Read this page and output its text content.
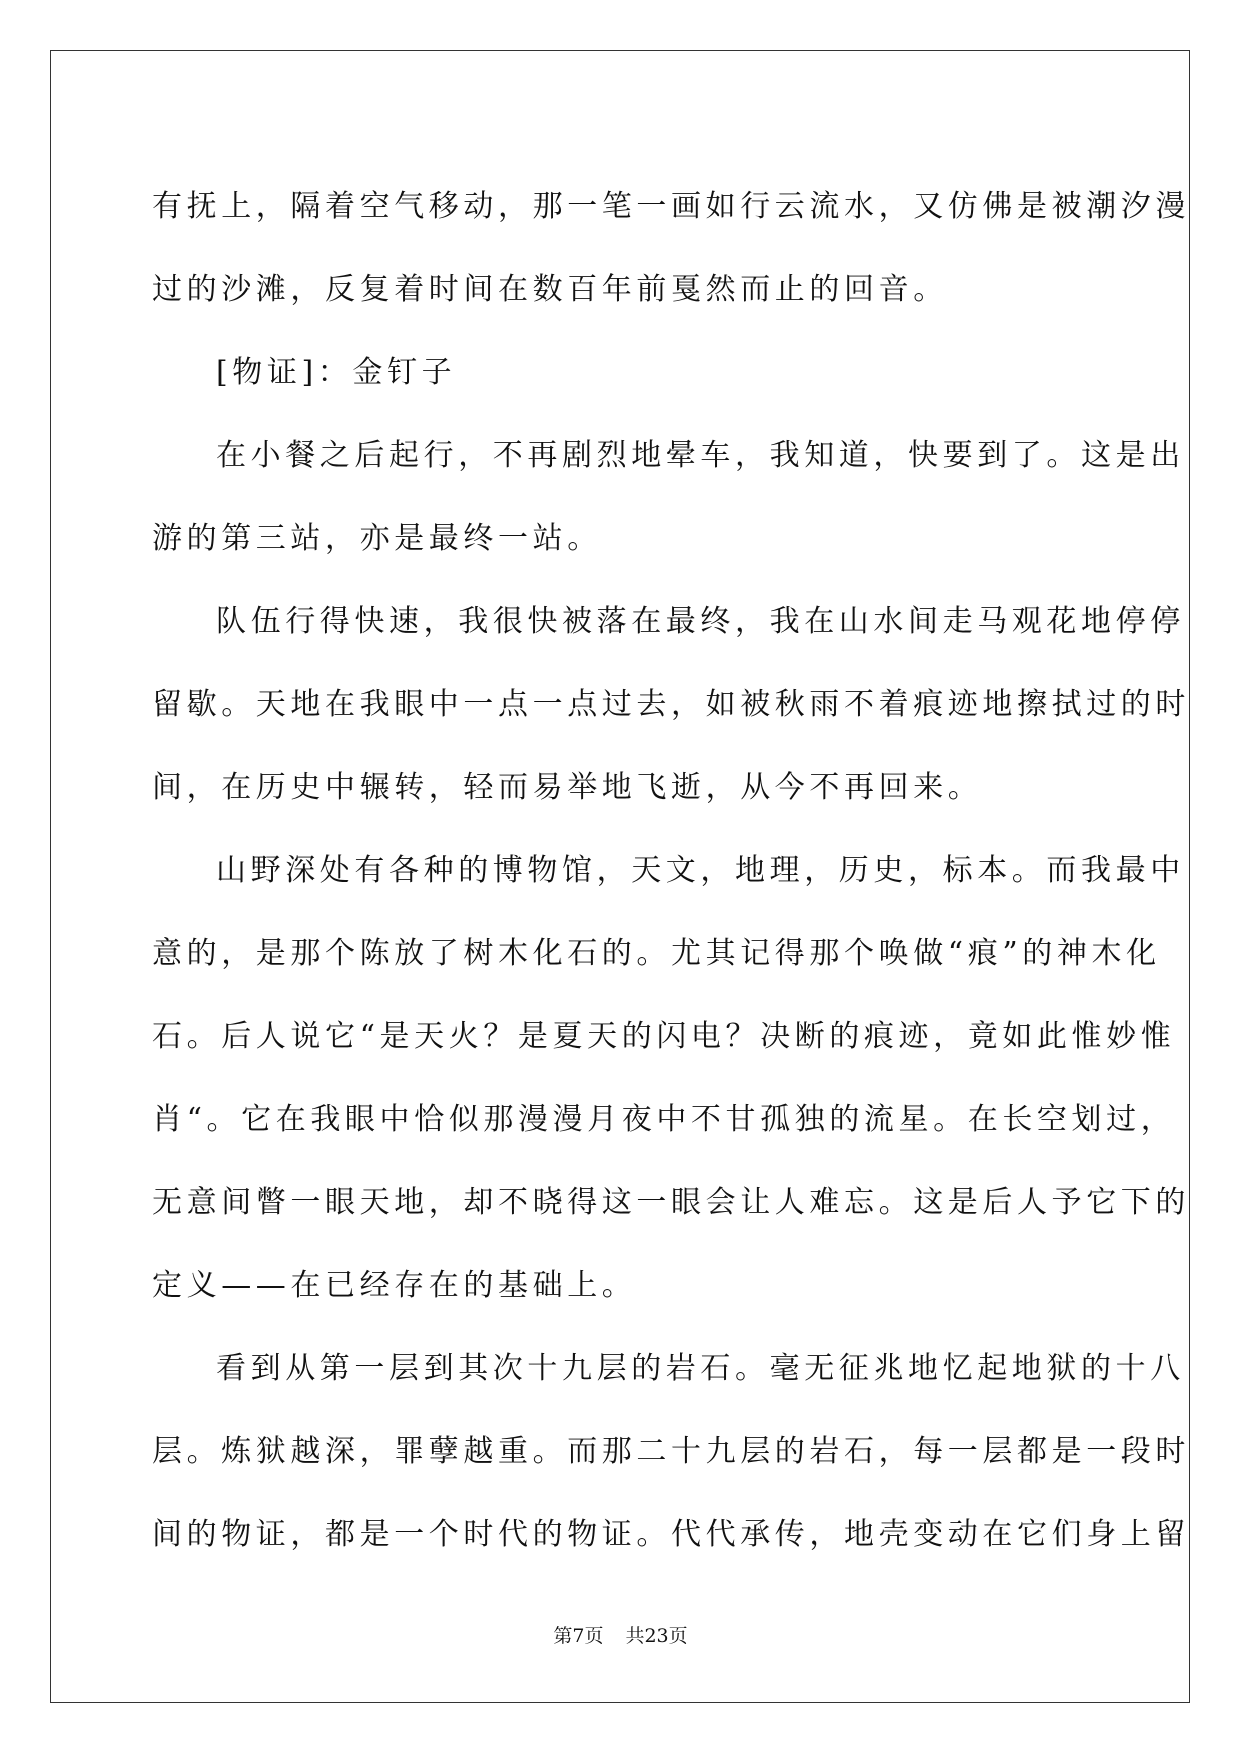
有抚上，隔着空气移动，那一笔一画如行云流水，又仿佛是被潮汐漫
过的沙滩，反复着时间在数百年前戛然而止的回音。
[物证]：金钉子
在小餐之后起行，不再剧烈地晕车，我知道，快要到了。这是出
游的第三站，亦是最终一站。
队伍行得快速，我很快被落在最终，我在山水间走马观花地停停
留歇。天地在我眼中一点一点过去，如被秋雨不着痕迹地擦拭过的时
间，在历史中辗转，轻而易举地飞逝，从今不再回来。
山野深处有各种的博物馆，天文，地理，历史，标本。而我最中
意的，是那个陈放了树木化石的。尤其记得那个唤做“痕”的神木化
石。后人说它“是天火？是夏天的闪电？决断的痕迹，竟如此惟妙惟
肖“。它在我眼中恰似那漫漫月夜中不甘孤独的流星。在长空划过，
无意间瞥一眼天地，却不晓得这一眼会让人难忘。这是后人予它下的
定义——在已经存在的基础上。
看到从第一层到其次十九层的岩石。毫无征兆地忆起地狱的十八
层。炼狱越深，罪孽越重。而那二十九层的岩石，每一层都是一段时
间的物证，都是一个时代的物证。代代承传，地壳变动在它们身上留
第7页 共23页
